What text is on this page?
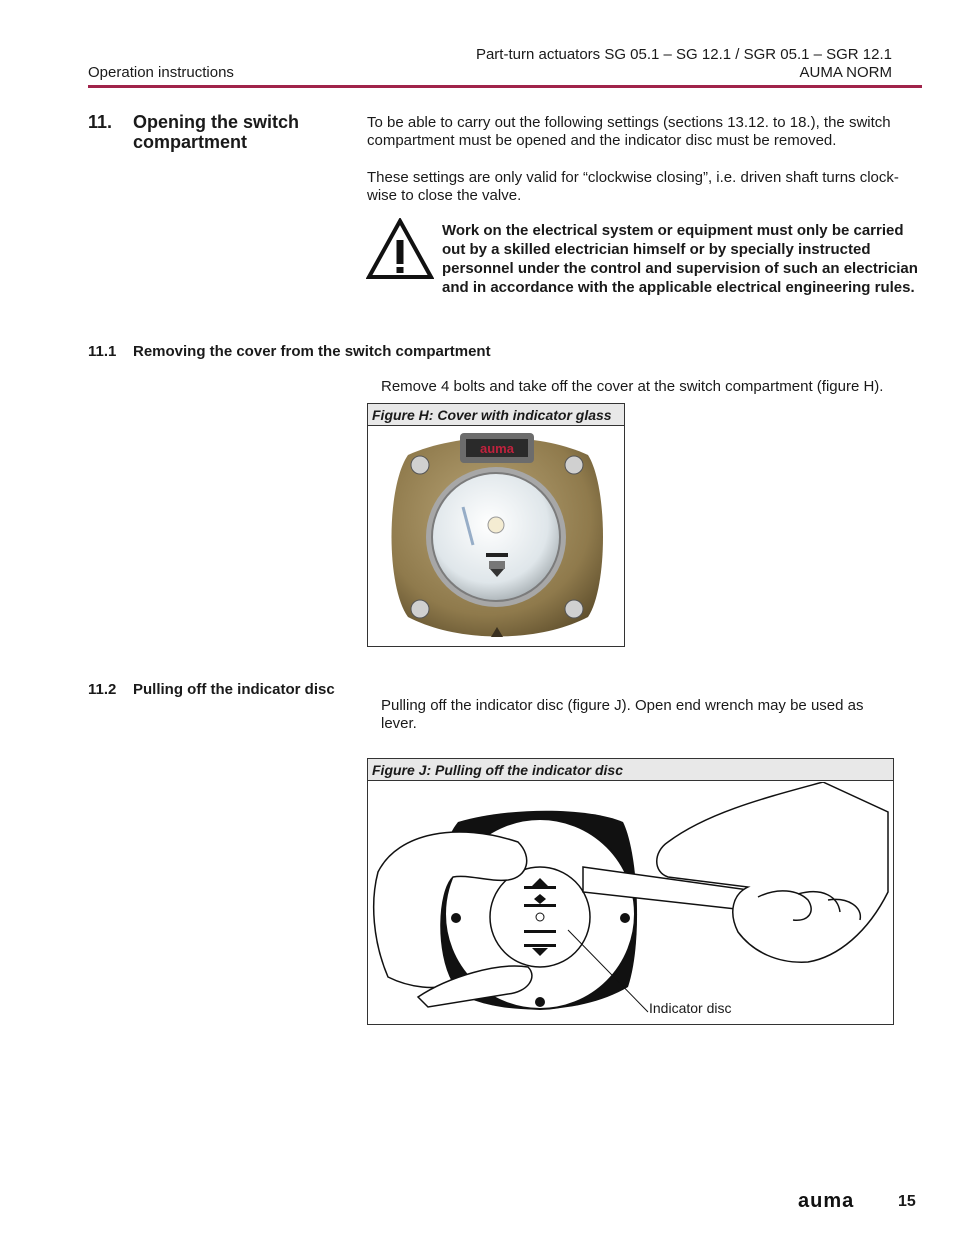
Operation instructions
Part-turn actuators SG 05.1 – SG 12.1 / SGR 05.1 – SGR 12.1
AUMA NORM
11. Opening the switch compartment
To be able to carry out the following settings (sections 13.12. to 18.), the switch compartment must be opened and the indicator disc must be removed.
These settings are only valid for “clockwise closing”, i.e. driven shaft turns clock-wise to close the valve.
Work on the electrical system or equipment must only be carried out by a skilled electrician himself or by specially instructed personnel under the control and supervision of such an electrician and in accordance with the applicable electrical engineering rules.
11.1 Removing the cover from the switch compartment
Remove 4 bolts and take off the cover at the switch compartment (figure H).
Figure H: Cover with indicator glass
auma
11.2 Pulling off the indicator disc
Pulling off the indicator disc (figure J). Open end wrench may be used as lever.
Figure J: Pulling off the indicator disc
Indicator disc
auma	15
